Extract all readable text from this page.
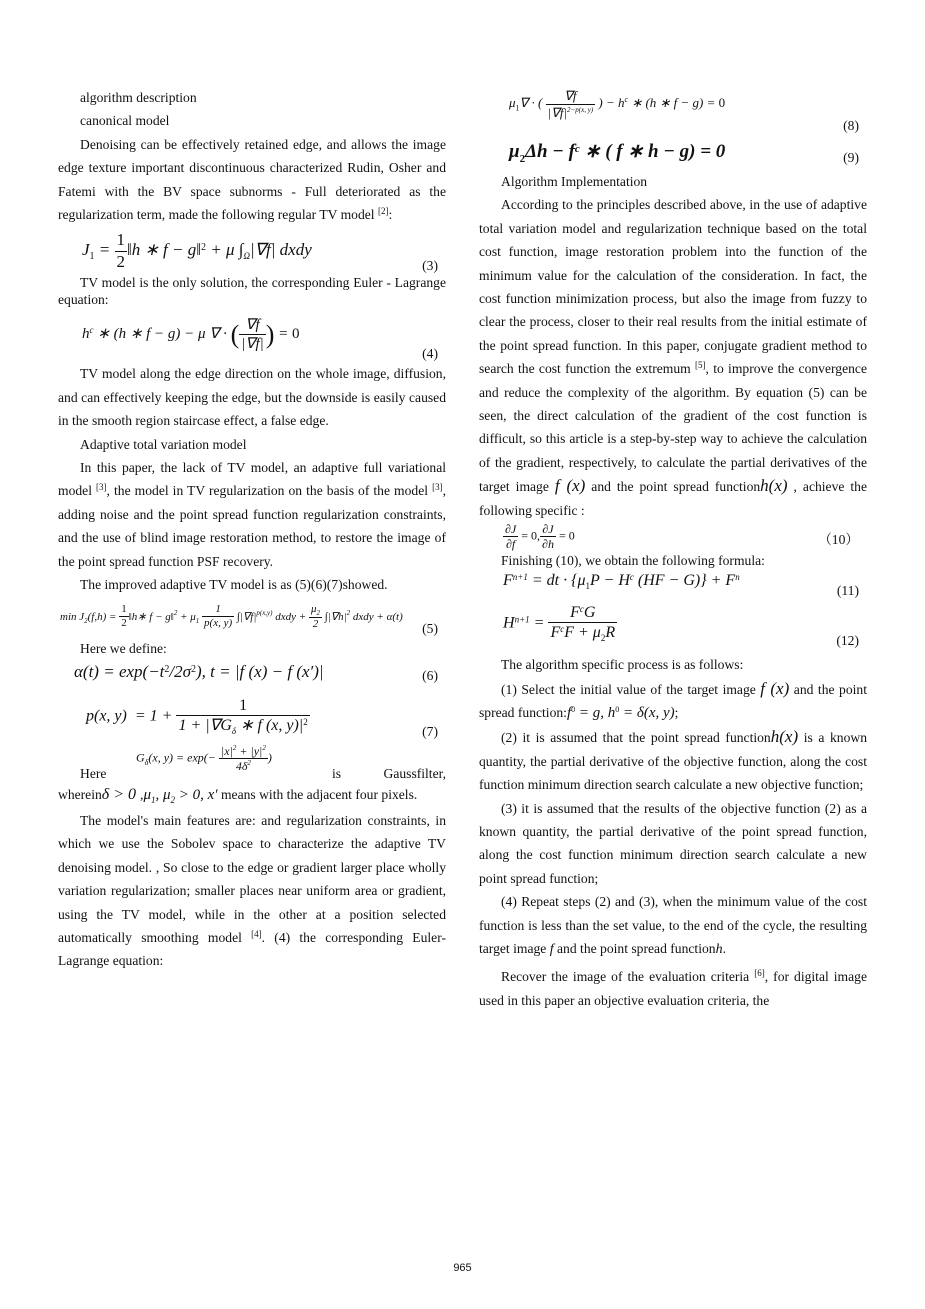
algorithm description

canonical model

Denoising can be effectively retained edge, and allows the image edge texture important discontinuous characterized Rudin, Osher and Fatemi with the BV space subnorms - Full deteriorated as the regularization term, made the following regular TV model [2]:

$J_1 = \frac{1}{2}$ ‖h ∗ f − g‖$^2$ + μ $\int_\Omega|\nabla f|$ dxdy
(3)

TV model is the only solution, the corresponding Euler - Lagrange equation:

$h^c$ ∗ (h ∗ f − g) − μ ∇ · ( $\frac{\nabla f}{|\nabla f|}$ ) = 0
(4)

TV model along the edge direction on the whole image, diffusion, and can effectively keeping the edge, but the downside is easily caused in the smooth region staircase effect, a false edge.

Adaptive total variation model

In this paper, the lack of TV model, an adaptive full variational model [3], the model in TV regularization on the basis of the model [3], adding noise and the point spread function regularization constraints, and the use of blind image restoration method, to restore the image of the point spread function PSF recovery.

The improved adaptive TV model is as (5)(6)(7)showed.

$\min J_2(f,h) = \frac{1}{2}$ ‖h∗ f − g‖$^2$ + $\mu_1 \frac{1}{p(x, y)} \int|\nabla f|^{p(x,y)}$ dxdy + $\frac{\mu_2}{2} \int|\nabla h|^2$ dxdy + α(t)
(5)

Here we define:

$\alpha(t) = \exp(-t^2/2\sigma^2)$, t = |f (x) − f (x′)|	(6)
p(x, $y) = 1 + \frac{1}{1 + |\nabla G_\delta ∗ f (x, y)|^2}$	(7)
Here
$G_\delta(x$, $y) = \exp(- \frac{|x|^2 + |y|^2}{4\delta^2}$ )
is	Gaussfilter,

whereinδ > 0 $,\mu_1$, $\mu_2 > 0$, x′ means with the adjacent four pixels.

The model's main features are: and regularization constraints, in which we use the Sobolev space to characterize the adaptive TV denoising model. , So close to the edge or gradient larger place wholly variation regularization; smaller places near uniform area or gradient, using the TV model, while in the other at a position selected automatically smoothing model [4]. (4) the corresponding Euler-Lagrange equation:

$\mu_1\nabla$ · ( $\frac{\nabla f}{|\nabla f|^{2-p(x, y)}}$ ) − $h^c$ ∗ (h ∗ f − g) = 0
(8)
$\mu_2\Delta h - f^c$ ∗ ( f ∗ h − g) = 0	(9)

Algorithm Implementation

According to the principles described above, in the use of adaptive total variation model and regularization technique based on the total cost function, image restoration problem into the function of the minimum value for the calculation of the consideration. In fact, the cost function minimization process, but also the image from fuzzy to clear the process, closer to their real results from the initial estimate of the point spread function. In this paper, conjugate gradient method to search the cost function the extremum [5], to improve the convergence and reduce the complexity of the algorithm. By equation (5) can be seen, the direct calculation of the gradient of the cost function is difficult, so this article is a step-by-step way to achieve the calculation of the gradient, respectively, to calculate the partial derivatives of the target image f (x) and the point spread functionh(x) , achieve the following specific :

$\frac{\partial J}{\partial f} = 0$, $\frac{\partial J}{\partial h} = 0$	（10）

Finishing (10), we obtain the following formula:

$F^{n+1}$ = dt · {$\mu_1P - H^c$ $(HF - G)\} + F^n$
(11)
$H^{n+1} = \frac{F^cG}{F^cF + \mu_2R}$	(12)

The algorithm specific process is as follows:

(1) Select the initial value of the target image f (x) and the point spread $function:f^0 = g$, $h^0 = \delta(x$, y);

(2) it is assumed that the point spread functionh(x) is a known quantity, the partial derivative of the objective function, along the cost function minimum direction search calculate a new objective function;

(3) it is assumed that the results of the objective function (2) as a known quantity, the partial derivative of the point spread function, along the cost function minimum direction search calculate a new point spread function;

(4) Repeat steps (2) and (3), when the minimum value of the cost function is less than the set value, to the end of the cycle, the resulting target image f and the point spread functionh.

Recover the image of the evaluation criteria [6], for digital image used in this paper an objective evaluation criteria, the

965
